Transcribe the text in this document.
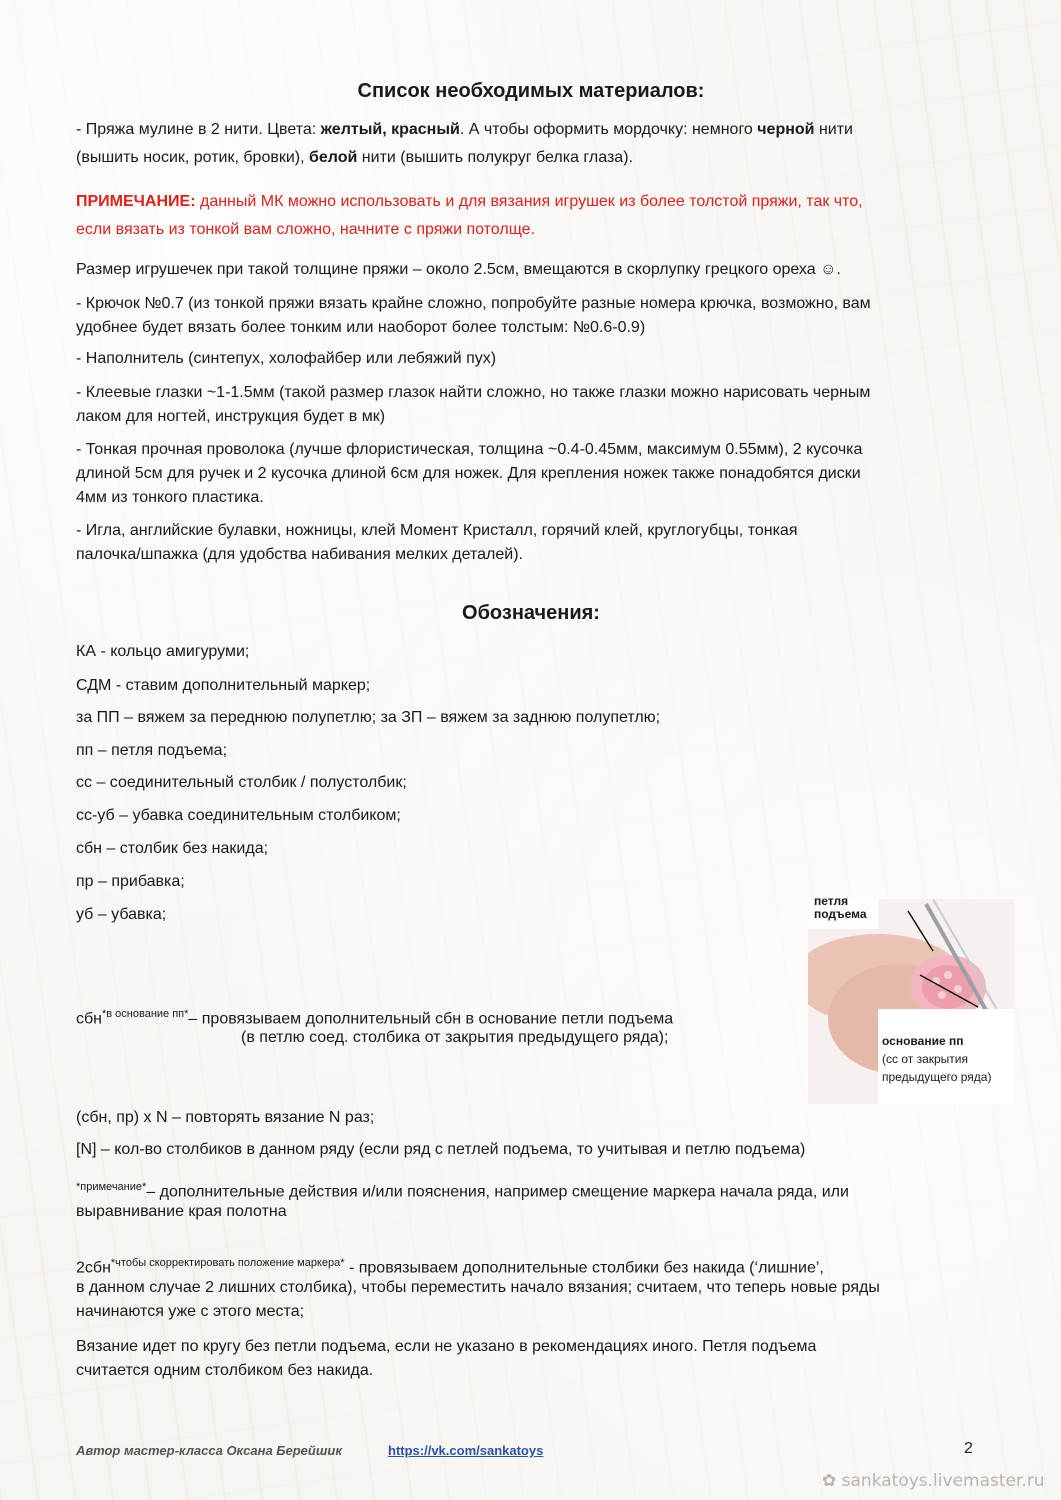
Список необходимых материалов:
- Пряжа мулине в 2 нити. Цвета: желтый, красный. А чтобы оформить мордочку: немного черной нити
(вышить носик, ротик, бровки), белой нити (вышить полукруг белка глаза).
ПРИМЕЧАНИЕ: данный МК можно использовать и для вязания игрушек из более толстой пряжи, так что,
если вязать из тонкой вам сложно, начните с пряжи потолще.
Размер игрушечек при такой толщине пряжи – около 2.5см, вмещаются в скорлупку грецкого ореха ☺.
- Крючок №0.7 (из тонкой пряжи вязать крайне сложно, попробуйте разные номера крючка, возможно, вам
удобнее будет вязать более тонким или наоборот более толстым: №0.6-0.9)
- Наполнитель (синтепух, холофайбер или лебяжий пух)
- Клеевые глазки ~1-1.5мм (такой размер глазок найти сложно, но также глазки можно нарисовать черным
лаком для ногтей, инструкция будет в мк)
- Тонкая прочная проволока (лучше флористическая, толщина ~0.4-0.45мм, максимум 0.55мм), 2 кусочка
длиной 5см для ручек и 2 кусочка длиной 6см для ножек. Для крепления ножек также понадобятся диски
4мм из тонкого пластика.
- Игла, английские булавки, ножницы, клей Момент Кристалл, горячий клей, круглогубцы, тонкая
палочка/шпажка (для удобства набивания мелких деталей).
Обозначения:
КА - кольцо амигуруми;
СДМ - ставим дополнительный маркер;
за ПП – вяжем за переднюю полупетлю; за ЗП – вяжем за заднюю полупетлю;
пп – петля подъема;
сс – соединительный столбик / полустолбик;
сс-уб – убавка соединительным столбиком;
сбн – столбик без накида;
пр – прибавка;
уб – убавка;
сбн$^{*в основание пп*}$– провязываем дополнительный сбн в основание петли подъема
(в петлю соед. столбика от закрытия предыдущего ряда);
(сбн, пр) x N – повторять вязание N раз;
[N] – кол-во столбиков в данном ряду (если ряд с петлей подъема, то учитывая и петлю подъема)
$^{*примечание*}$– дополнительные действия и/или пояснения, например смещение маркера начала ряда, или
выравнивание края полотна
2сбн$^{*чтобы скорректировать положение маркера*}$ - провязываем дополнительные столбики без накида (‘лишние’,
в данном случае 2 лишних столбика), чтобы переместить начало вязания; считаем, что теперь новые ряды
начинаются уже с этого места;
Вязание идет по кругу без петли подъема, если не указано в рекомендациях иного. Петля подъема
считается одним столбиком без накида.
петля
подъема
основание пп
(сс от закрытия
предыдущего ряда)
Автор мастер-класса Оксана Берейшик	https://vk.com/sankatoys	2
✿ sankatoys.livemaster.ru
